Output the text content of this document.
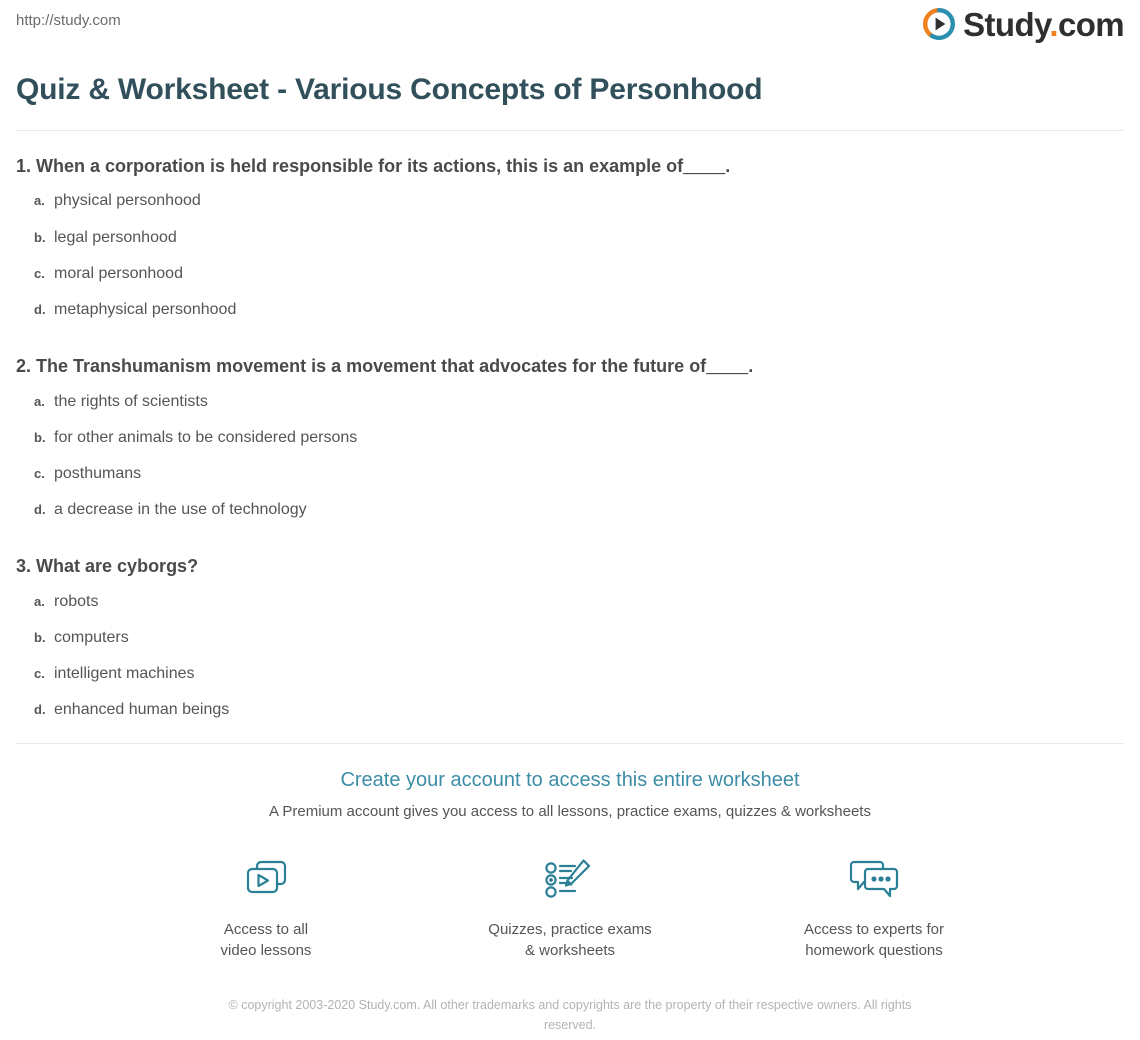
http://study.com	Study.com
Quiz & Worksheet - Various Concepts of Personhood
1. When a corporation is held responsible for its actions, this is an example of____.
a. physical personhood
b. legal personhood
c. moral personhood
d. metaphysical personhood
2. The Transhumanism movement is a movement that advocates for the future of____.
a. the rights of scientists
b. for other animals to be considered persons
c. posthumans
d. a decrease in the use of technology
3. What are cyborgs?
a. robots
b. computers
c. intelligent machines
d. enhanced human beings
Create your account to access this entire worksheet
A Premium account gives you access to all lessons, practice exams, quizzes & worksheets
Access to all
video lessons
Quizzes, practice exams
& worksheets
Access to experts for
homework questions
© copyright 2003-2020 Study.com. All other trademarks and copyrights are the property of their respective owners. All rights reserved.
